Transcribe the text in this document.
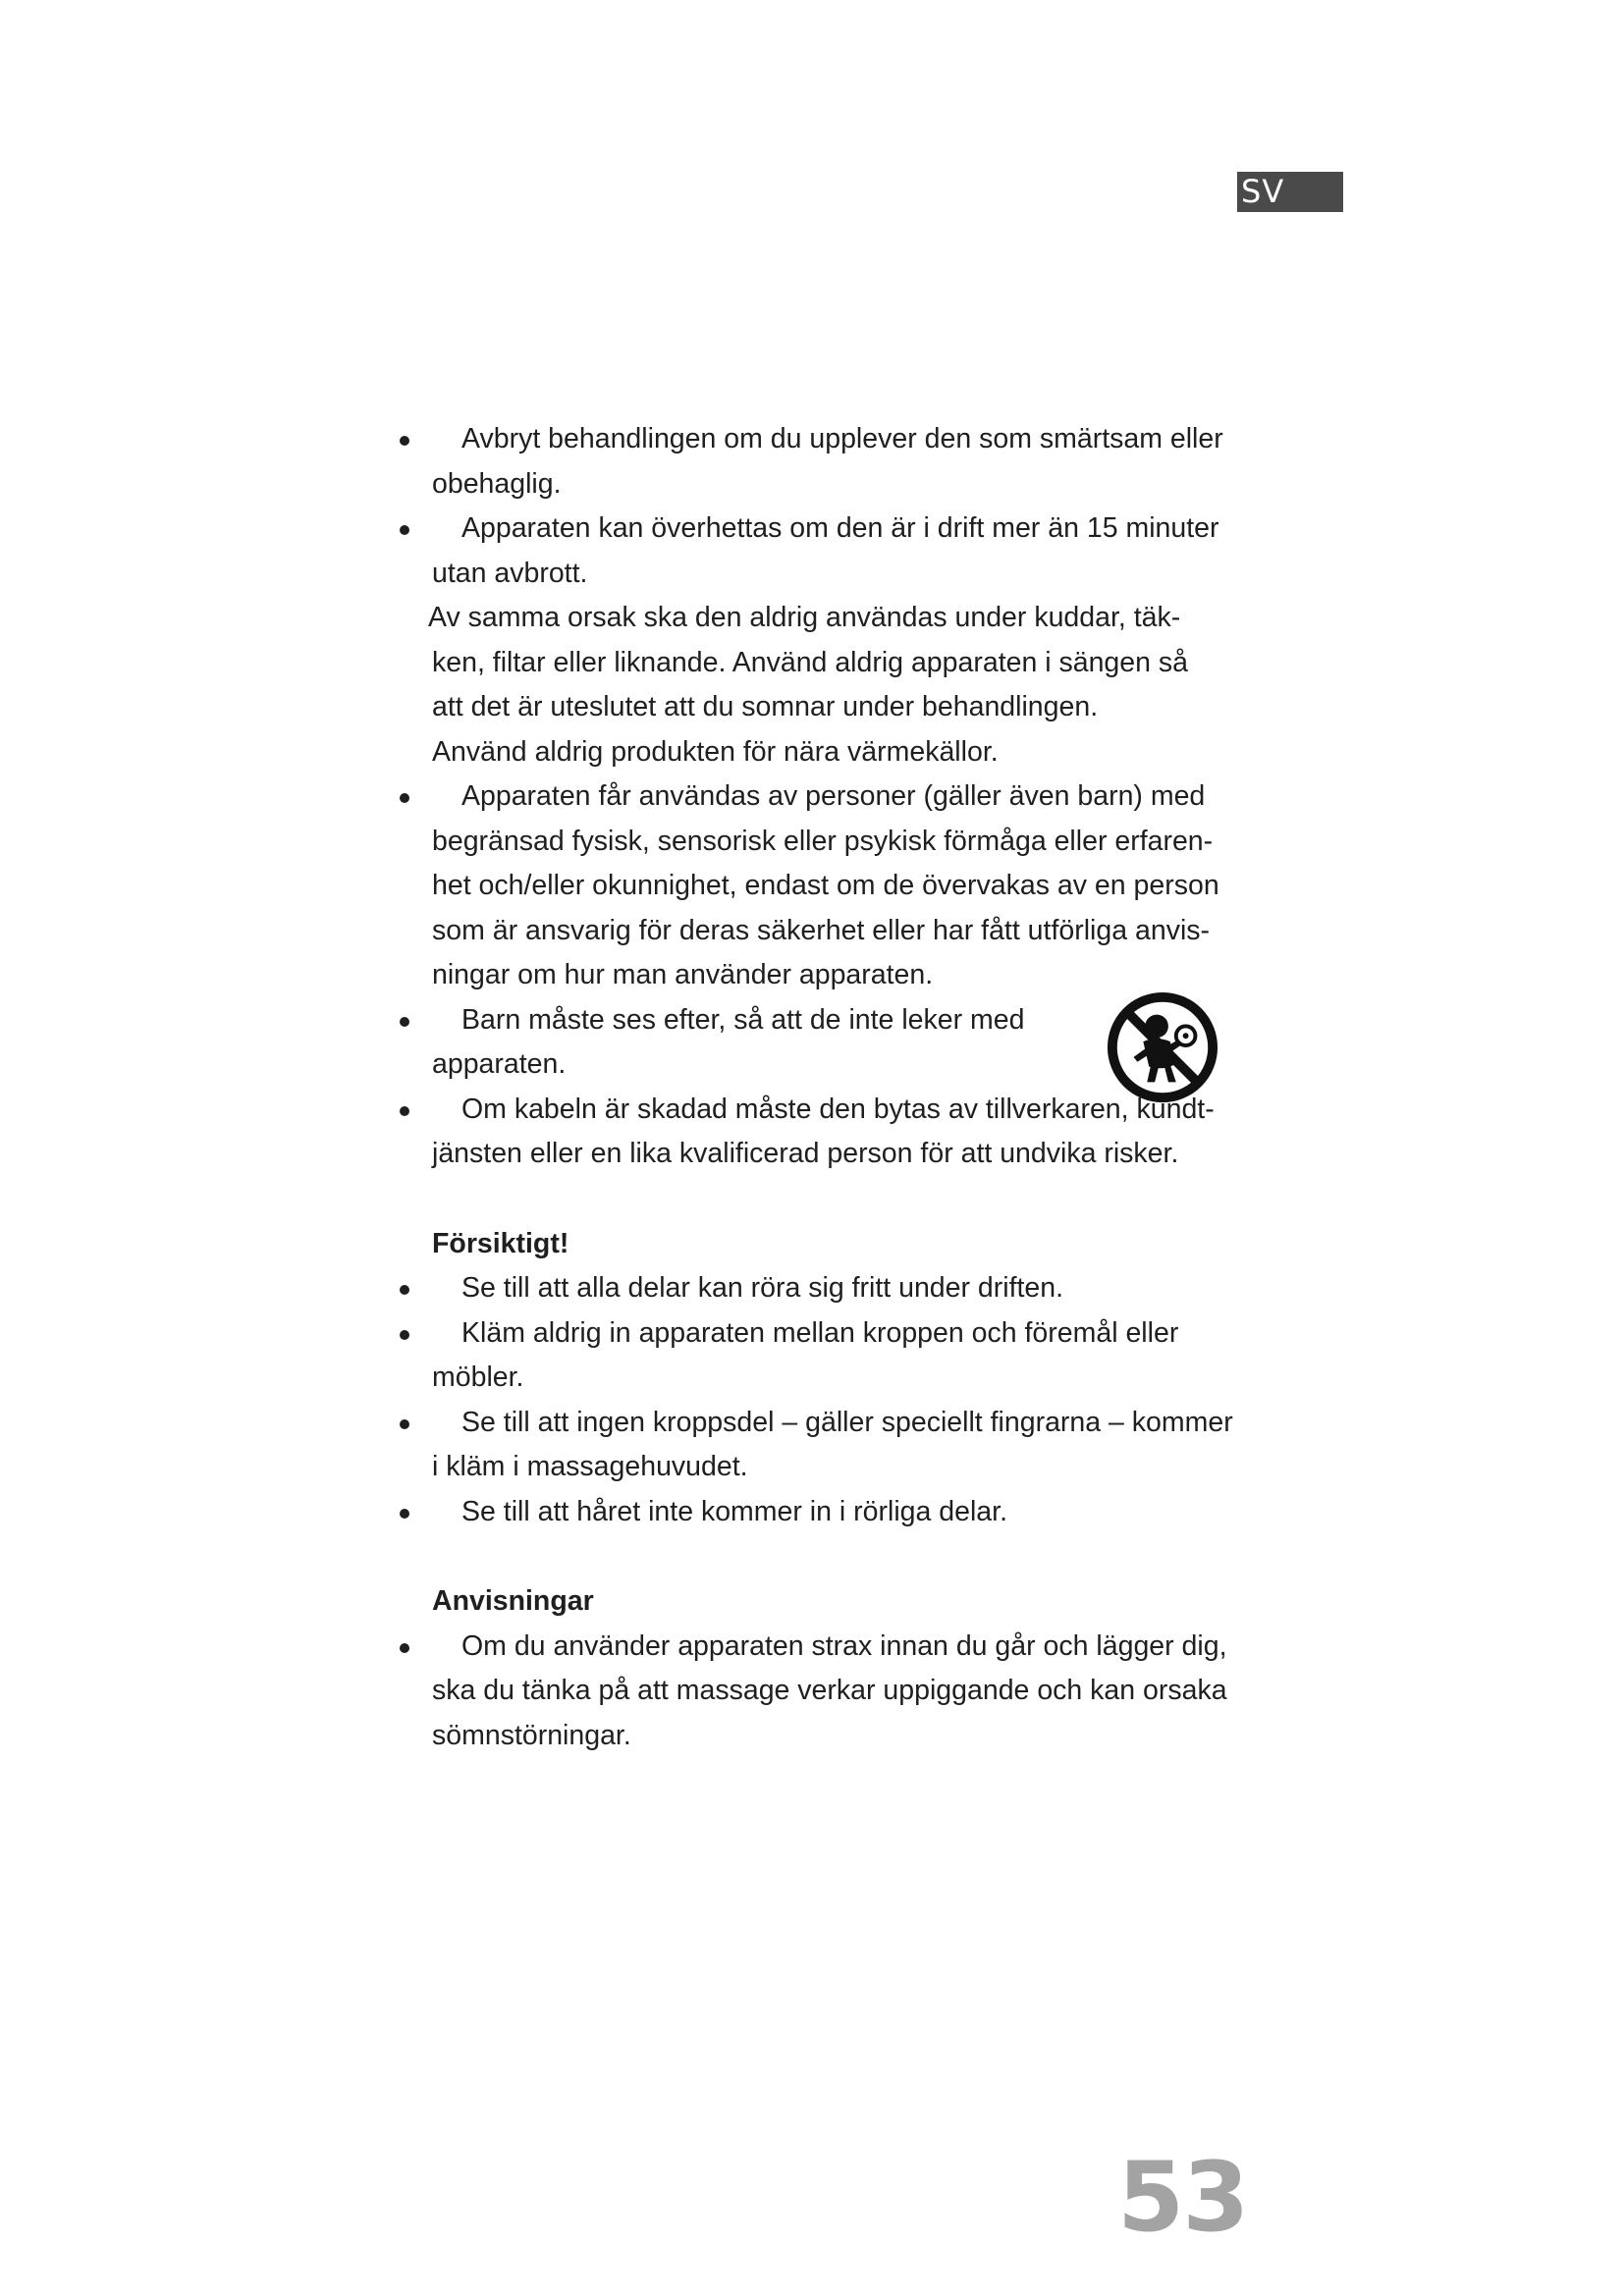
SV
Avbryt behandlingen om du upplever den som smärtsam eller
obehaglig.
Apparaten kan överhettas om den är i drift mer än 15 minuter
utan avbrott.
Av samma orsak ska den aldrig användas under kuddar, täk-
ken, filtar eller liknande. Använd aldrig apparaten i sängen så
att det är uteslutet att du somnar under behandlingen.
Använd aldrig produkten för nära värmekällor.
Apparaten får användas av personer (gäller även barn) med
begränsad fysisk, sensorisk eller psykisk förmåga eller erfaren-
het och/eller okunnighet, endast om de övervakas av en person
som är ansvarig för deras säkerhet eller har fått utförliga anvis-
ningar om hur man använder apparaten.
Barn måste ses efter, så att de inte leker med
apparaten.
Om kabeln är skadad måste den bytas av tillverkaren, kundt-
jänsten eller en lika kvalificerad person för att undvika risker.
Försiktigt!
Se till att alla delar kan röra sig fritt under driften.
Kläm aldrig in apparaten mellan kroppen och föremål eller
möbler.
Se till att ingen kroppsdel – gäller speciellt fingrarna – kommer
i kläm i massagehuvudet.
Se till att håret inte kommer in i rörliga delar.
Anvisningar
Om du använder apparaten strax innan du går och lägger dig,
ska du tänka på att massage verkar uppiggande och kan orsaka
sömnstörningar.
53
